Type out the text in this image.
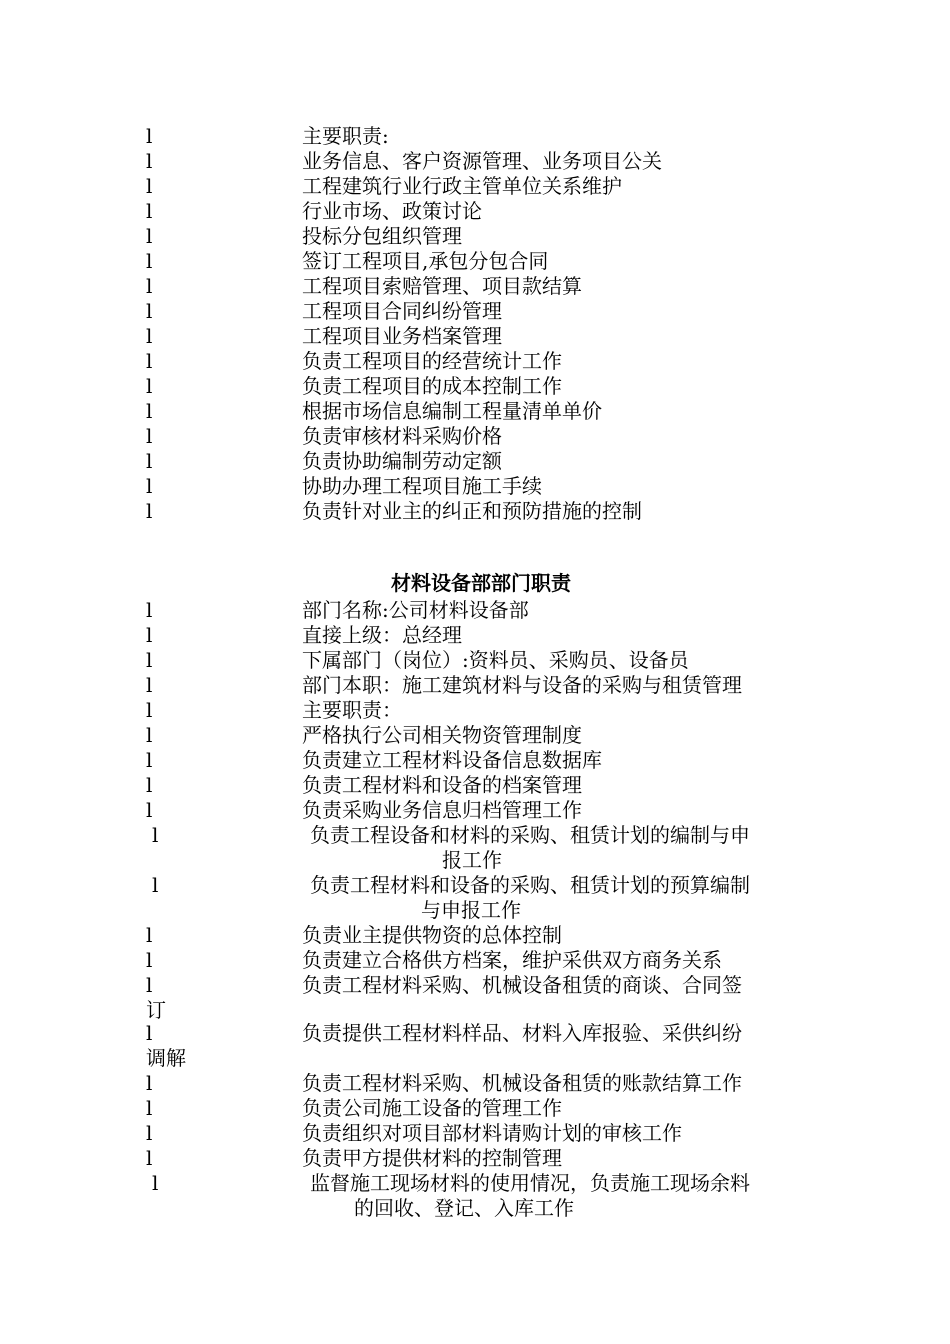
l	主要职责:
l	业务信息、客户资源管理、业务项目公关
l	工程建筑行业行政主管单位关系维护
l	行业市场、政策讨论
l	投标分包组织管理
l	签订工程项目,承包分包合同
l	工程项目索赔管理、项目款结算
l	工程项目合同纠纷管理
l	工程项目业务档案管理
l	负责工程项目的经营统计工作
l	负责工程项目的成本控制工作
l	根据市场信息编制工程量清单单价
l	负责审核材料采购价格
l	负责协助编制劳动定额
l	协助办理工程项目施工手续
l	负责针对业主的纠正和预防措施的控制
材料设备部部门职责
l	部门名称:公司材料设备部
l	直接上级：总经理
l	下属部门（岗位）:资料员、采购员、设备员
l	部门本职：施工建筑材料与设备的采购与租赁管理
l	主要职责：
l	严格执行公司相关物资管理制度
l	负责建立工程材料设备信息数据库
l	负责工程材料和设备的档案管理
l	负责采购业务信息归档管理工作
l	负责工程设备和材料的采购、租赁计划的编制与申
报工作
l	负责工程材料和设备的采购、租赁计划的预算编制
与申报工作
l	负责业主提供物资的总体控制
l	负责建立合格供方档案，维护采供双方商务关系
l	负责工程材料采购、机械设备租赁的商谈、合同签
订
l	负责提供工程材料样品、材料入库报验、采供纠纷
调解
l	负责工程材料采购、机械设备租赁的账款结算工作
l	负责公司施工设备的管理工作
l	负责组织对项目部材料请购计划的审核工作
l	负责甲方提供材料的控制管理
l	监督施工现场材料的使用情况，负责施工现场余料
的回收、登记、入库工作
